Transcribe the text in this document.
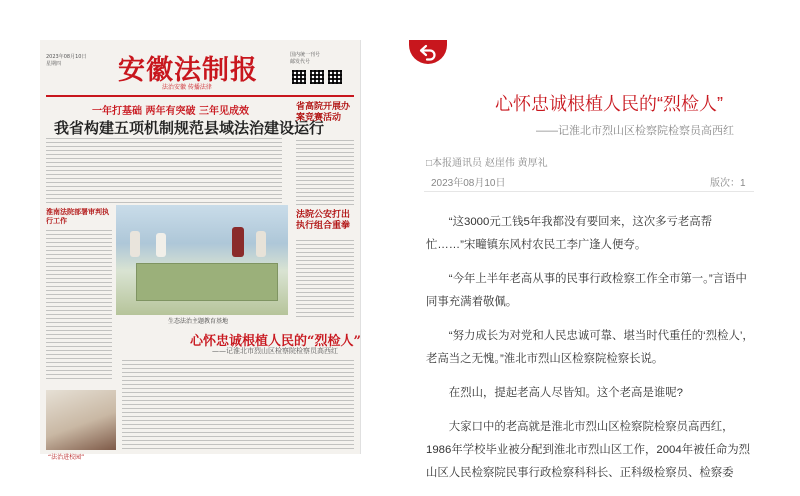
2023年08月10日
星期四	安徽法制报
法治安徽 传播法律
国内统一刊号
邮发代号
一年打基础 两年有突破 三年见成效
我省构建五项机制规范县域法治建设运行
省高院开展办案竞赛活动
淮南法院部署审判执行工作
生态法治主题教育基地
法院公安打出执行组合重拳
心怀忠诚根植人民的“烈检人”
——记淮北市烈山区检察院检察员高西红
“法治进校园”
心怀忠诚根植人民的“烈检人”
——记淮北市烈山区检察院检察员高西红
□本报通讯员 赵崖伟 黄厚礼
2023年08月10日	版次：1

“这3000元工钱5年我都没有要回来，这次多亏老高帮忙……”宋疃镇东风村农民工李广逢人便夸。

“今年上半年老高从事的民事行政检察工作全市第一。”言语中同事充满着敬佩。

“努力成长为对党和人民忠诚可靠、堪当时代重任的‘烈检人’，老高当之无愧。”淮北市烈山区检察院检察长说。

在烈山，提起老高人尽皆知。这个老高是谁呢?

大家口中的老高就是淮北市烈山区检察院检察员高西红，1986年学校毕业被分配到淮北市烈山区工作，2004年被任命为烈山区人民检察院民事行政检察科科长、正科级检察员、检察委
